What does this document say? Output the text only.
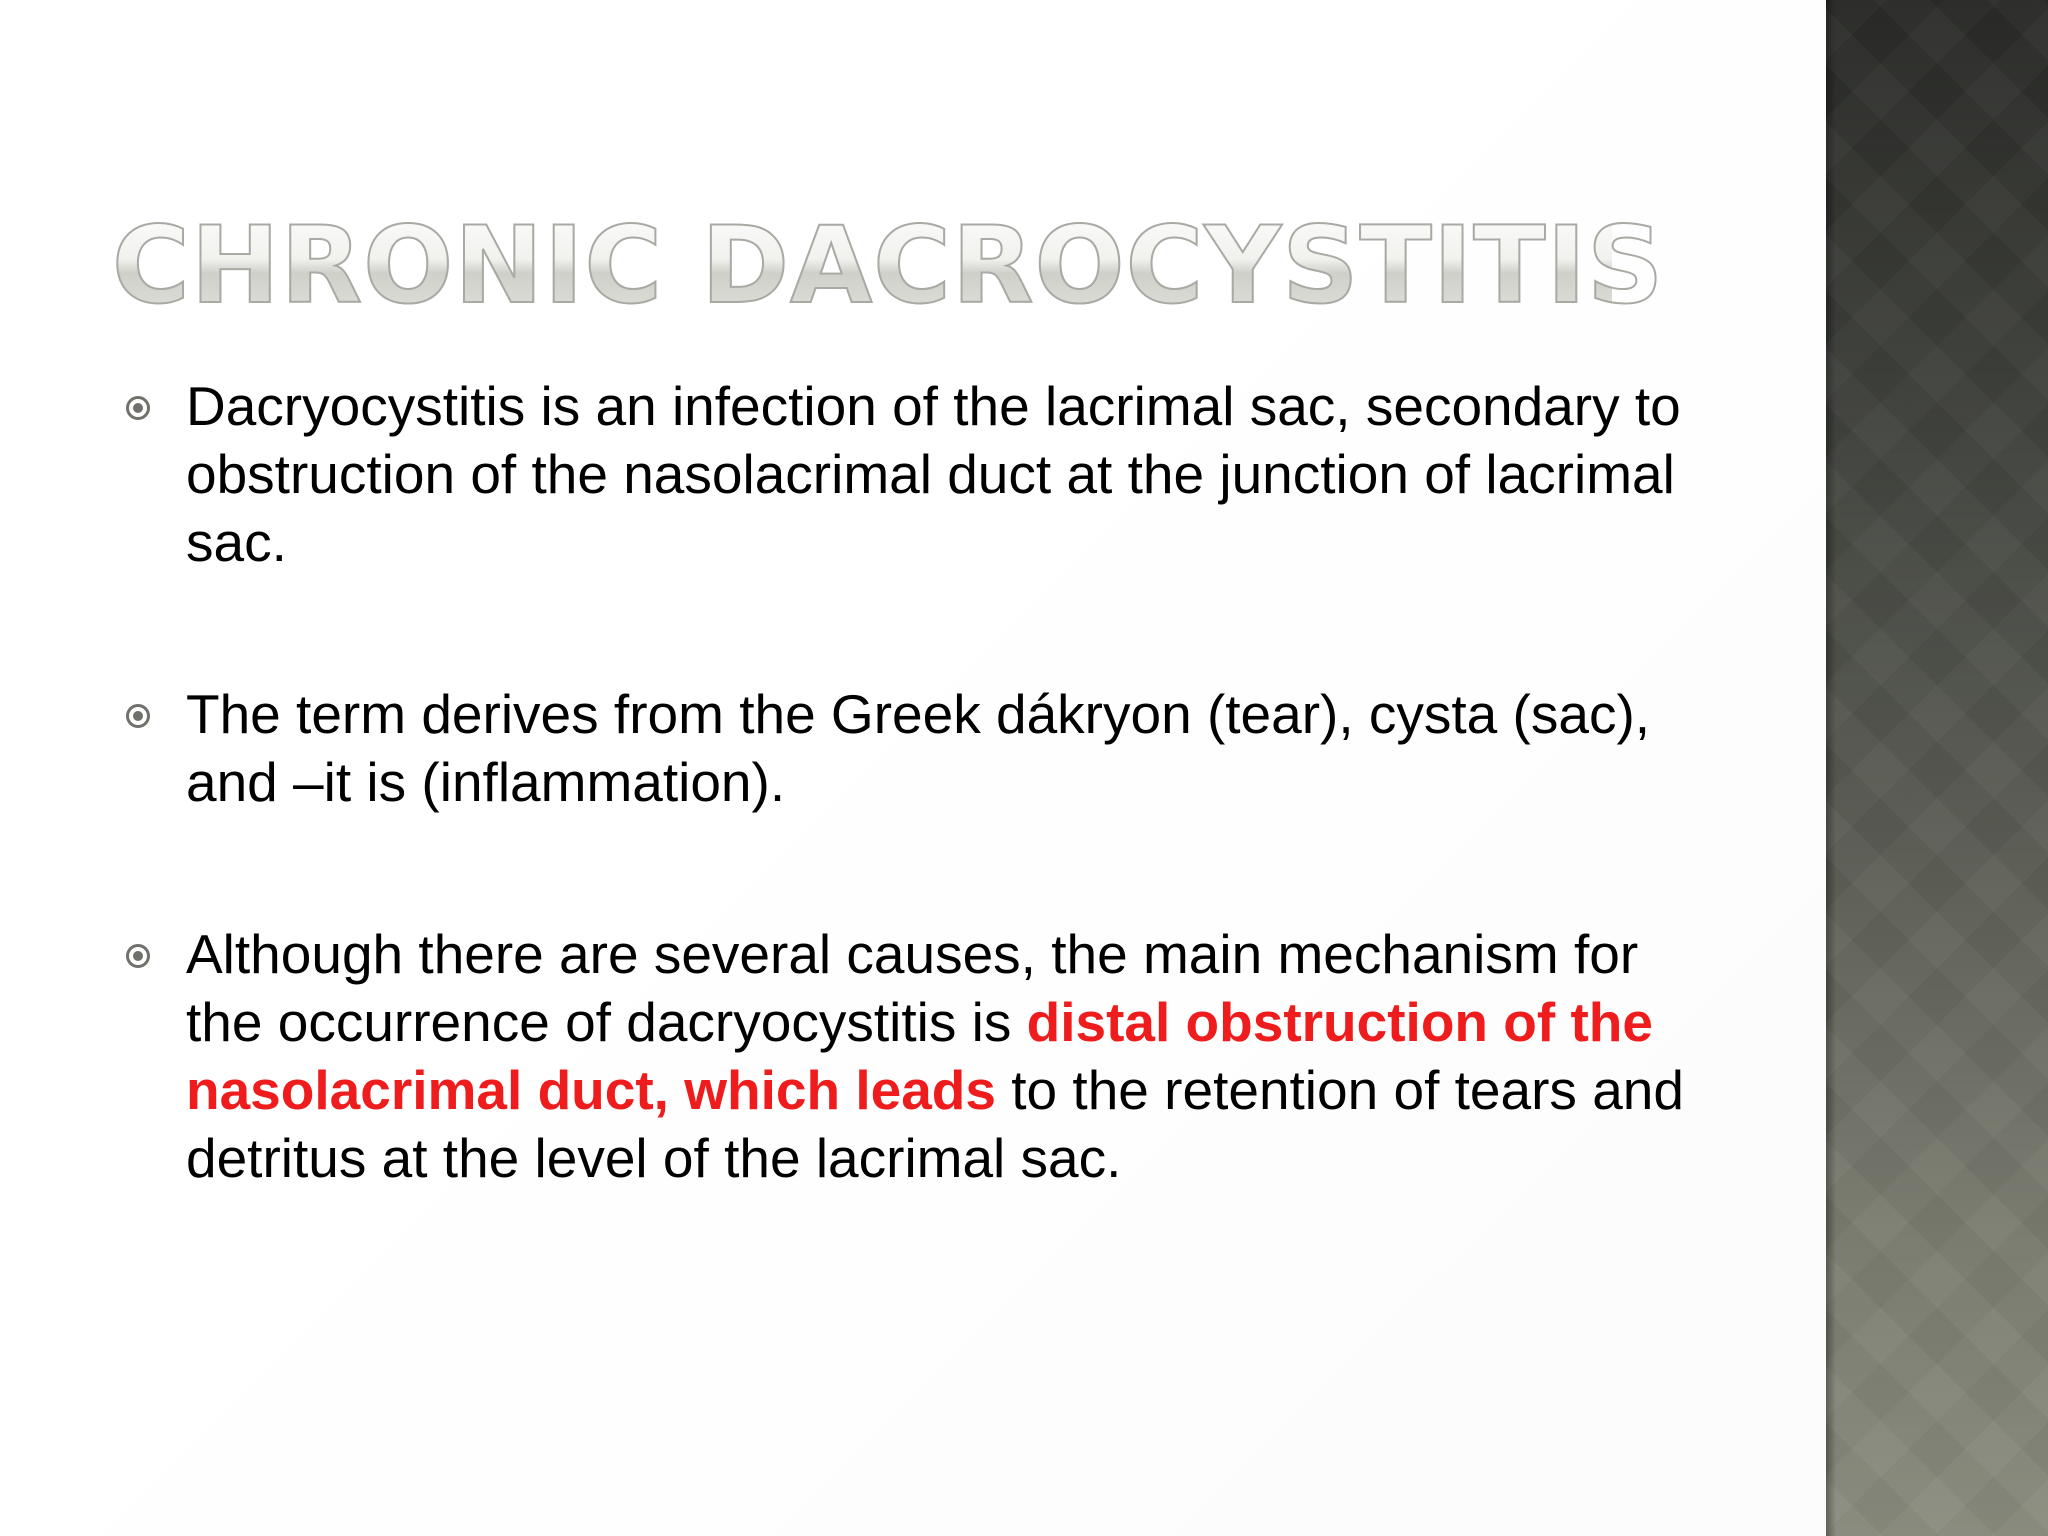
CHRONIC DACROCYSTITIS
Dacryocystitis is an infection of the lacrimal sac, secondary to obstruction of the nasolacrimal duct at the junction of lacrimal sac.
The term derives from the Greek dákryon (tear), cysta (sac), and –it is (inflammation).
Although there are several causes, the main mechanism for the occurrence of dacryocystitis is distal obstruction of the nasolacrimal duct, which leads to the retention of tears and detritus at the level of the lacrimal sac.
